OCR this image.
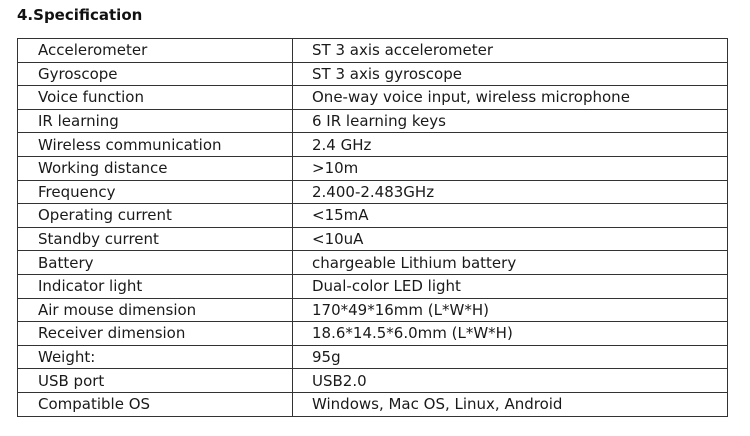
4.Specification
Accelerometer	ST 3 axis accelerometer
Gyroscope	ST 3 axis gyroscope
Voice function	One-way voice input, wireless microphone
IR learning	6 IR learning keys
Wireless communication	2.4 GHz
Working distance	>10m
Frequency	2.400-2.483GHz
Operating current	<15mA
Standby current	<10uA
Battery	chargeable Lithium battery
Indicator light	Dual-color LED light
Air mouse dimension	170*49*16mm (L*W*H)
Receiver dimension	18.6*14.5*6.0mm (L*W*H)
Weight:	95g
USB port	USB2.0
Compatible OS	Windows, Mac OS, Linux, Android
